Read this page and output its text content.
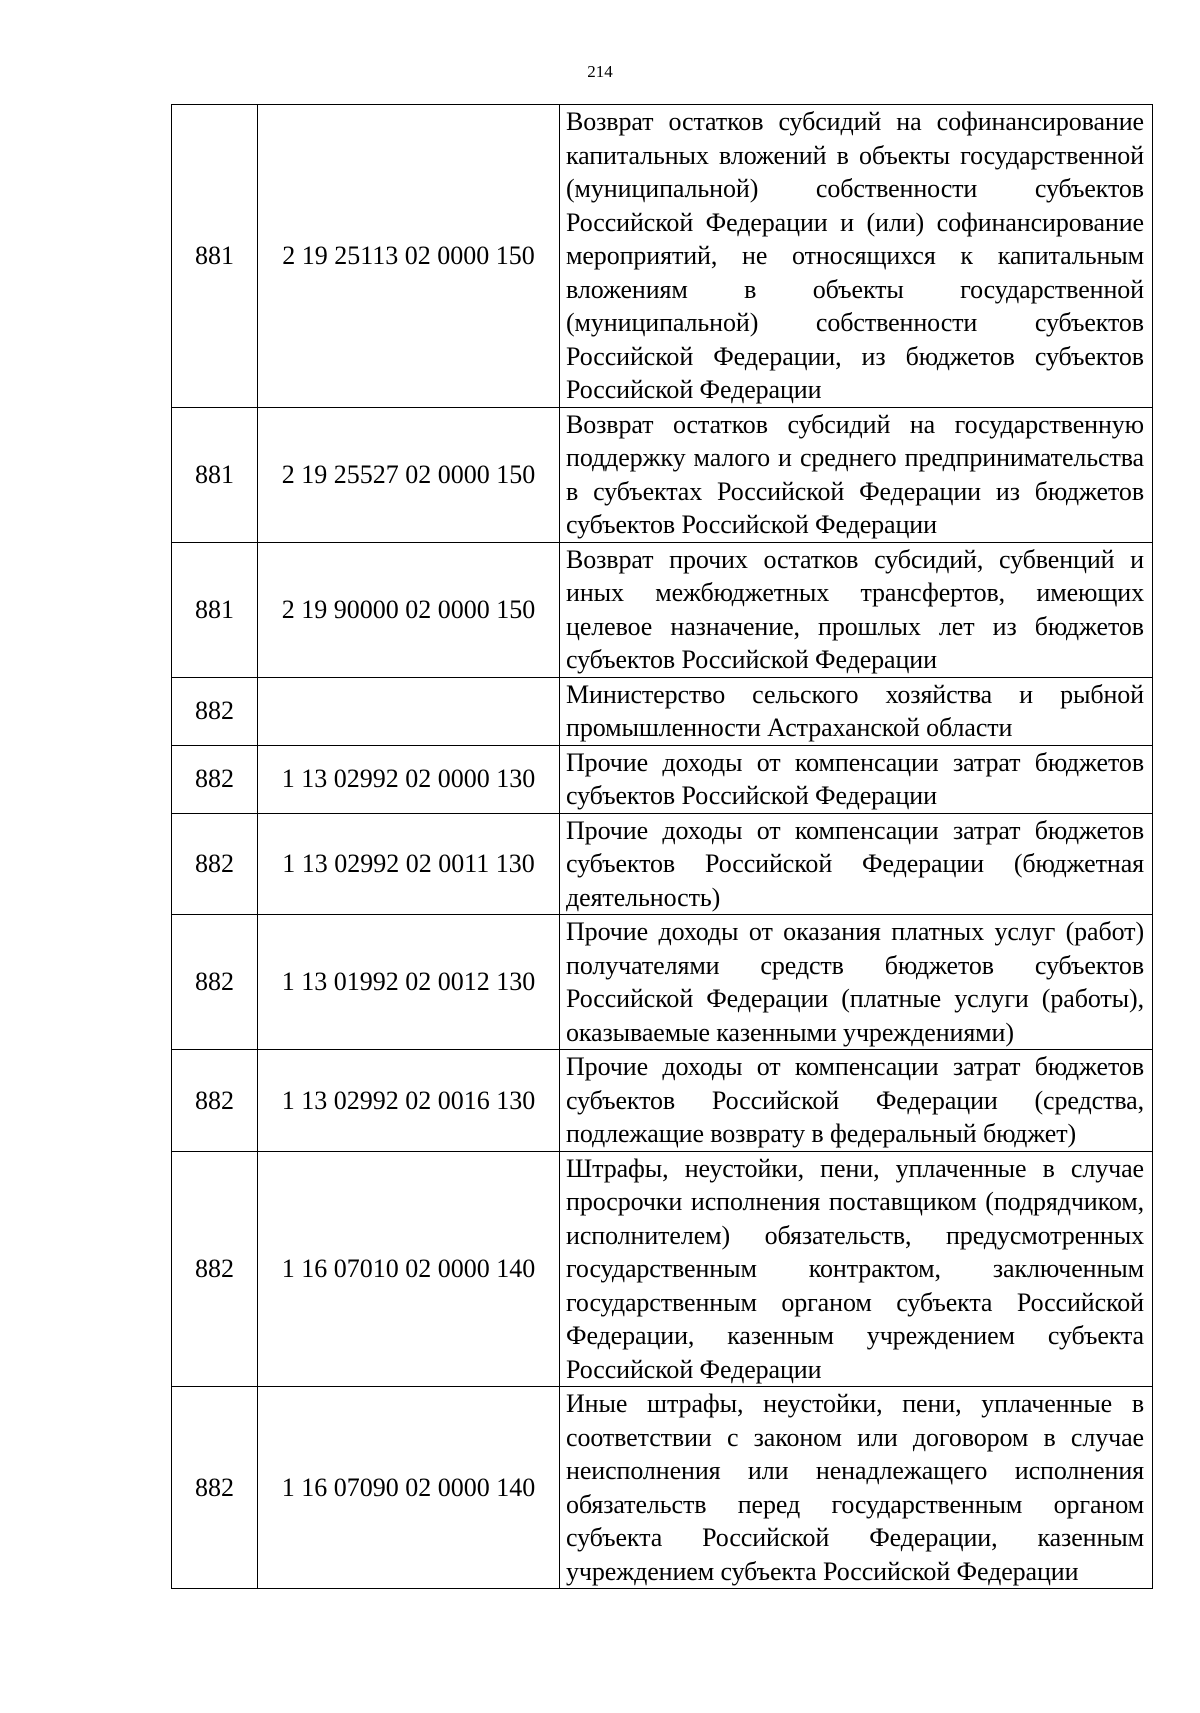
214
881	2 19 25113 02 0000 150	Возврат остатков субсидий на софинансирование капитальных вложений в объекты государственной (муниципальной) собственности субъектов Российской Федерации и (или) софинансирование мероприятий, не относящихся к капитальным вложениям в объекты государственной (муниципальной) собственности субъектов Российской Федерации, из бюджетов субъектов Российской Федерации
881	2 19 25527 02 0000 150	Возврат остатков субсидий на государственную поддержку малого и среднего предпринимательства в субъектах Российской Федерации из бюджетов субъектов Российской Федерации
881	2 19 90000 02 0000 150	Возврат прочих остатков субсидий, субвенций и иных межбюджетных трансфертов, имеющих целевое назначение, прошлых лет из бюджетов субъектов Российской Федерации
882		Министерство сельского хозяйства и рыбной промышленности Астраханской области
882	1 13 02992 02 0000 130	Прочие доходы от компенсации затрат бюджетов субъектов Российской Федерации
882	1 13 02992 02 0011 130	Прочие доходы от компенсации затрат бюджетов субъектов Российской Федерации (бюджетная деятельность)
882	1 13 01992 02 0012 130	Прочие доходы от оказания платных услуг (работ) получателями средств бюджетов субъектов Российской Федерации (платные услуги (работы), оказываемые казенными учреждениями)
882	1 13 02992 02 0016 130	Прочие доходы от компенсации затрат бюджетов субъектов Российской Федерации (средства, подлежащие возврату в федеральный бюджет)
882	1 16 07010 02 0000 140	Штрафы, неустойки, пени, уплаченные в случае просрочки исполнения поставщиком (подрядчиком, исполнителем) обязательств, предусмотренных государственным контрактом, заключенным государственным органом субъекта Российской Федерации, казенным учреждением субъекта Российской Федерации
882	1 16 07090 02 0000 140	Иные штрафы, неустойки, пени, уплаченные в соответствии с законом или договором в случае неисполнения или ненадлежащего исполнения обязательств перед государственным органом субъекта Российской Федерации, казенным учреждением субъекта Российской Федерации
